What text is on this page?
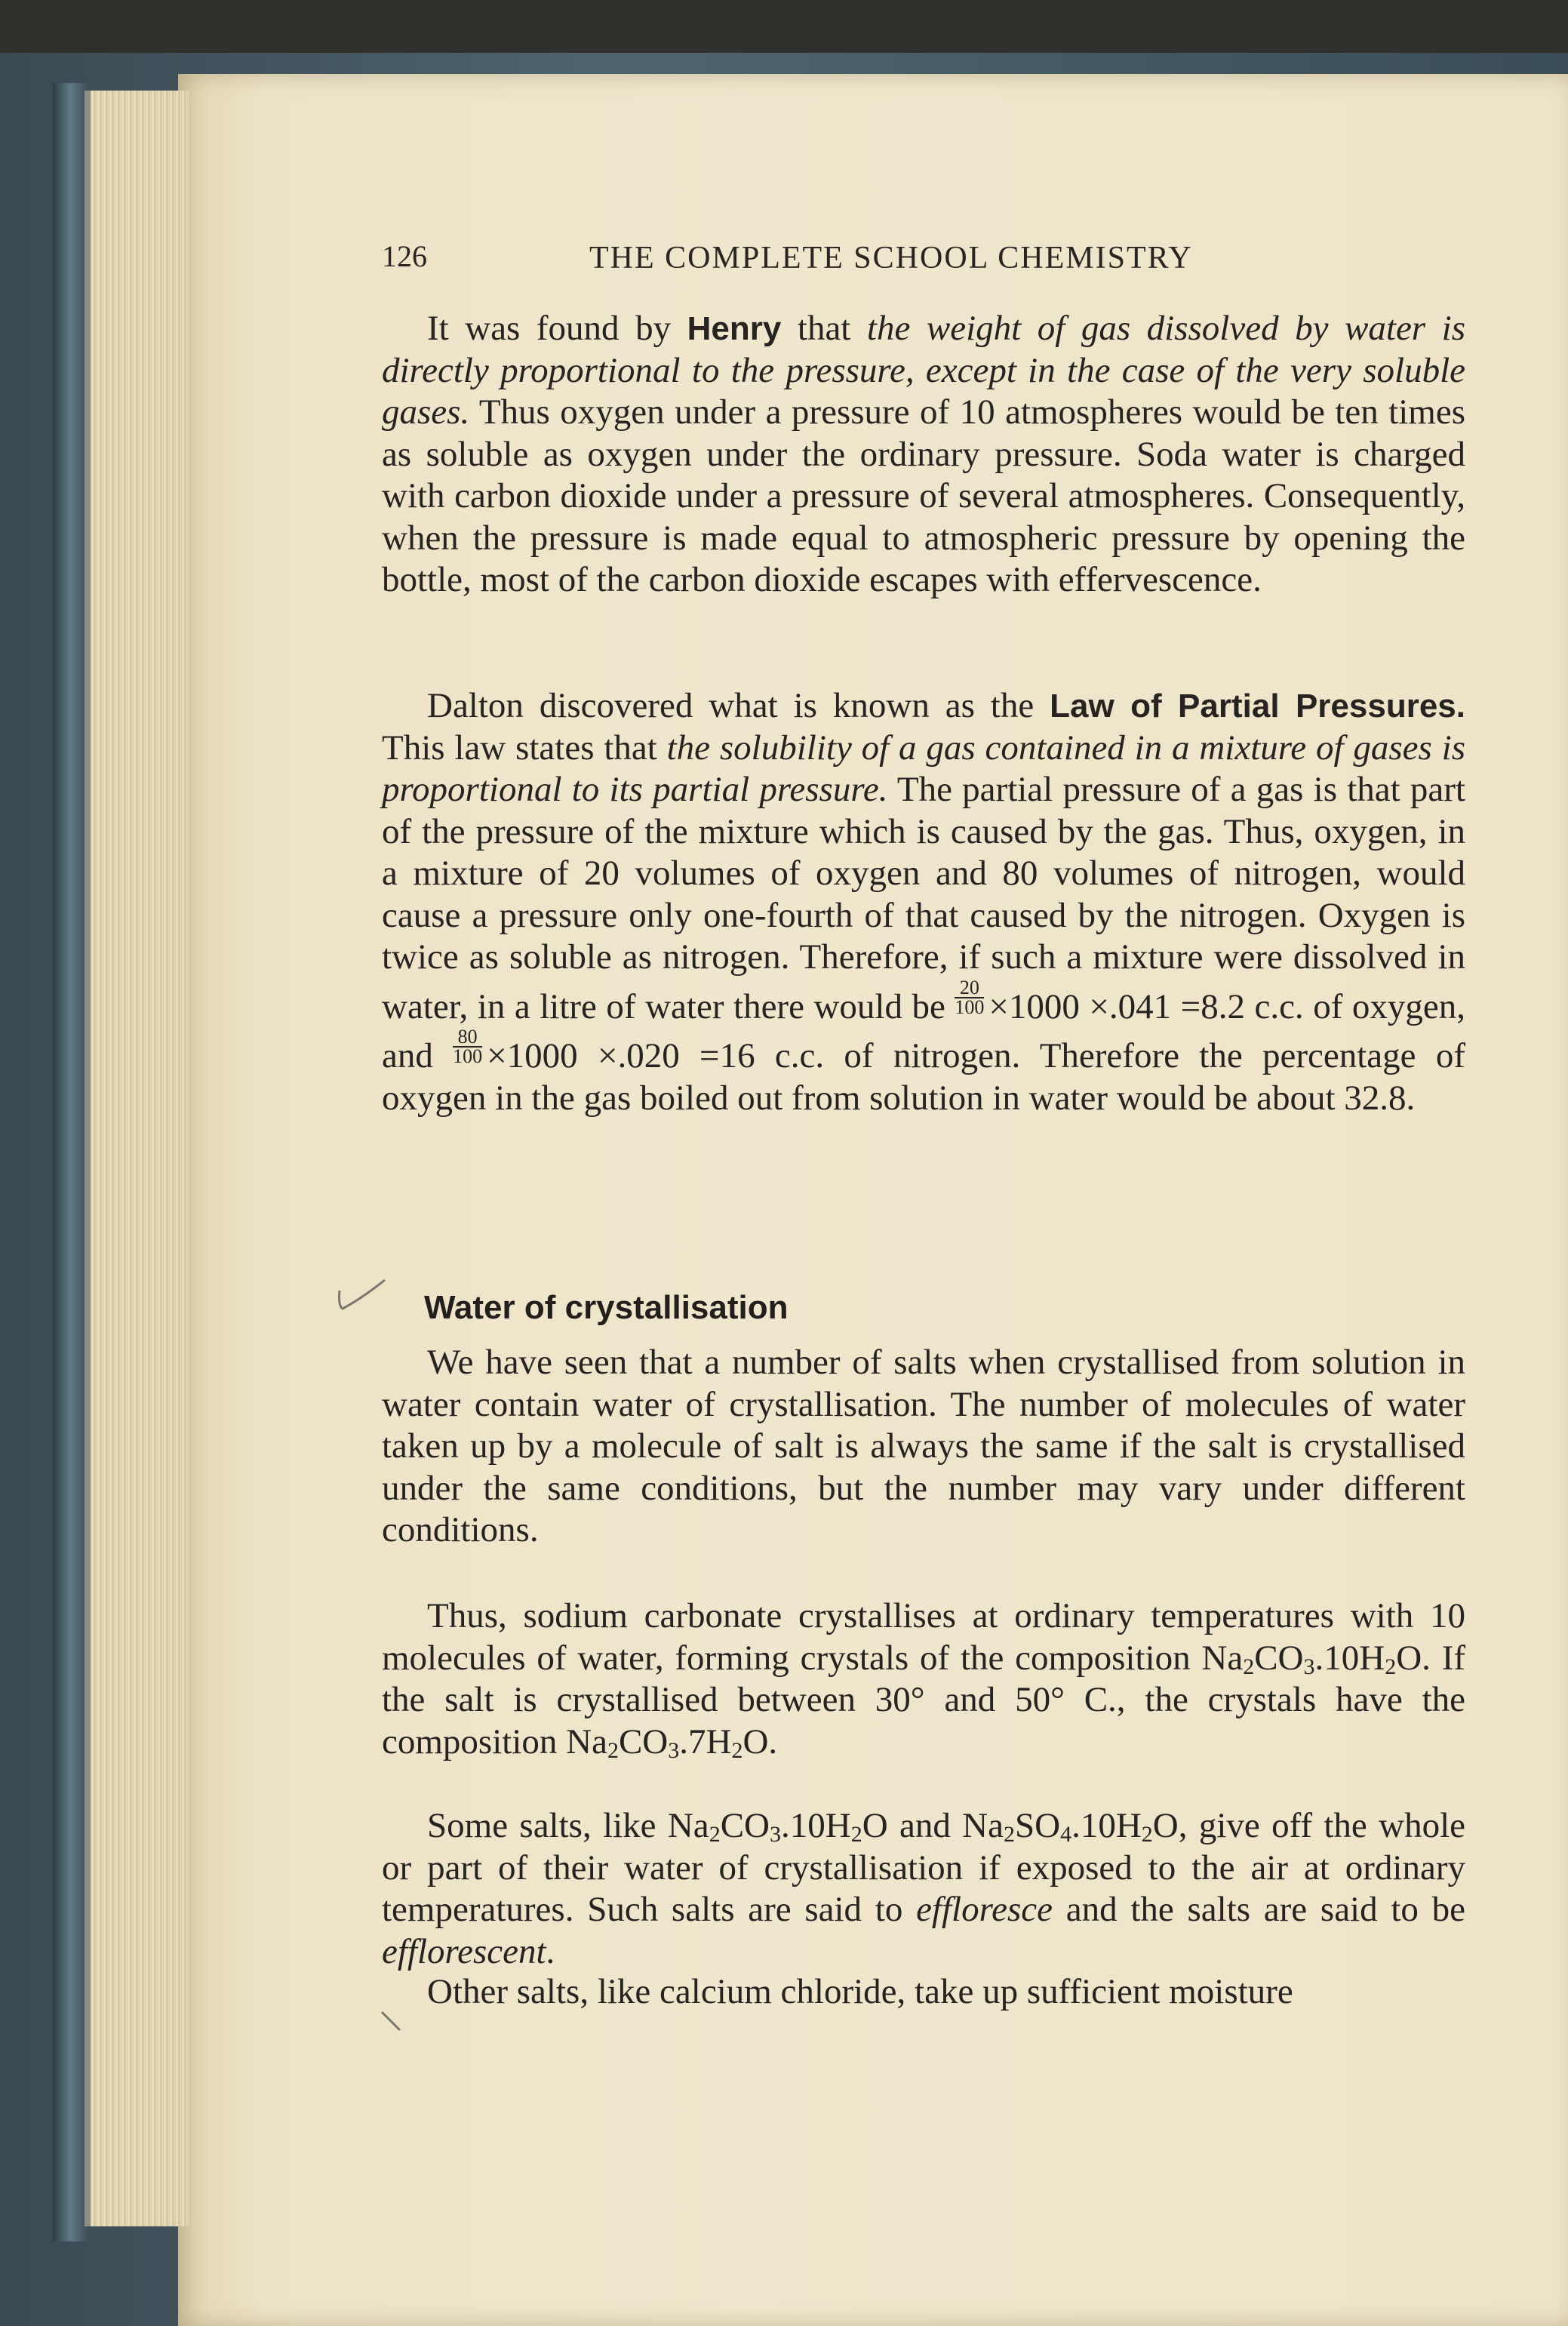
126	THE COMPLETE SCHOOL CHEMISTRY

It was found by Henry that the weight of gas dissolved by water is directly proportional to the pressure, except in the case of the very soluble gases. Thus oxygen under a pressure of 10 atmospheres would be ten times as soluble as oxygen under the ordinary pressure. Soda water is charged with carbon dioxide under a pressure of several atmospheres. Consequently, when the pressure is made equal to atmospheric pressure by opening the bottle, most of the carbon dioxide escapes with effervescence.

Dalton discovered what is known as the Law of Partial Pressures. This law states that the solubility of a gas contained in a mixture of gases is proportional to its partial pressure. The partial pressure of a gas is that part of the pressure of the mixture which is caused by the gas. Thus, oxygen, in a mixture of 20 volumes of oxygen and 80 volumes of nitrogen, would cause a pressure only one-fourth of that caused by the nitrogen. Oxygen is twice as soluble as nitrogen. Therefore, if such a mixture were dissolved in water, in a litre of water there would be $\frac{20}{100} \times 1000 \times.041 =8.2$ c.c. of oxygen, and $\frac{80}{100} \times 1000 \times.020 =16$ c.c. of nitrogen. Therefore the percentage of oxygen in the gas boiled out from solution in water would be about 32.8.

Water of crystallisation

We have seen that a number of salts when crystallised from solution in water contain water of crystallisation. The number of molecules of water taken up by a molecule of salt is always the same if the salt is crystallised under the same conditions, but the number may vary under different conditions.

Thus, sodium carbonate crystallises at ordinary temperatures with 10 molecules of water, forming crystals of the composition $Na_2CO_3.10H_2O$. If the salt is crystallised between 30° and 50° C., the crystals have the composition $Na_2CO_3.7H_2O$.

Some salts, like $Na_2CO_3.10H_2O$ and $Na_2SO_4.10H_2O$, give off the whole or part of their water of crystallisation if exposed to the air at ordinary temperatures. Such salts are said to effloresce and the salts are said to be efflorescent.

Other salts, like calcium chloride, take up sufficient moisture
